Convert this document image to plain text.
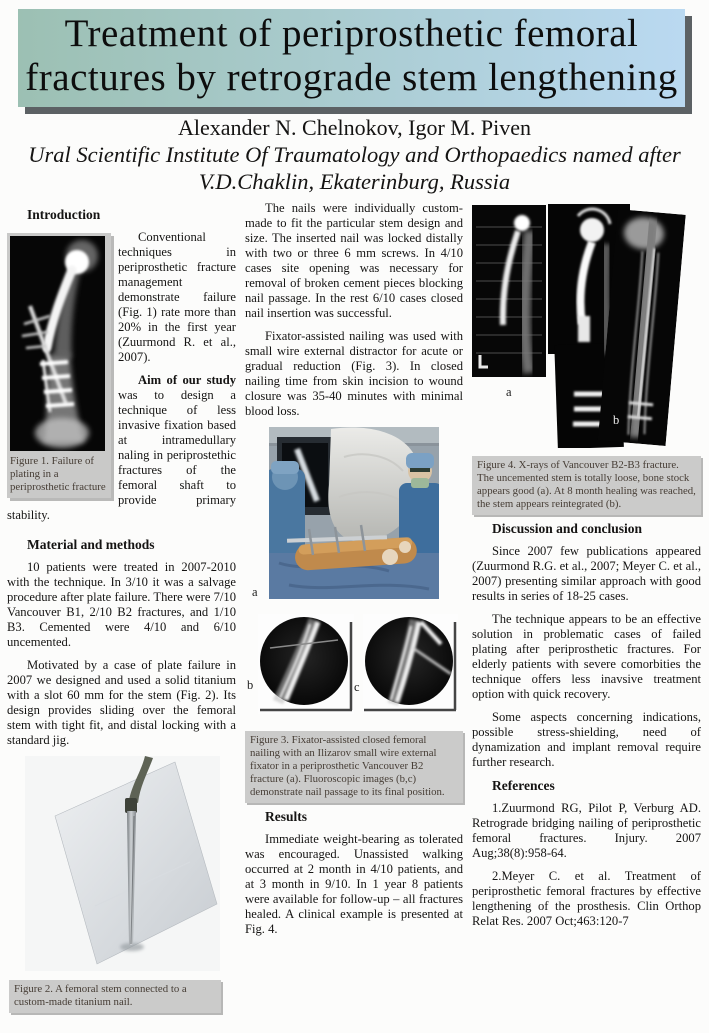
Treatment of periprosthetic femoral
fractures by retrograde stem lengthening
Alexander N. Chelnokov, Igor M. Piven
Ural Scientific Institute Of Traumatology and Orthopaedics named after
V.D.Chaklin, Ekaterinburg, Russia
Introduction
Figure 1. Failure of plating in a periprosthetic fracture

Conventional techniques in periprosthetic fracture management demonstrate failure (Fig. 1) rate more than 20% in the first year (Zuurmond R. et al., 2007).

Aim of our study was to design a technique of less invasive fixation based at intramedullary naling in periprostethic fractures of the femoral shaft to provide primary stability.

Material and methods

10 patients were treated in 2007-2010 with the technique. In 3/10 it was a salvage procedure after plate failure. There were 7/10 Vancouver B1, 2/10 B2 fractures, and 1/10 B3. Cemented were 4/10 and 6/10 uncemented.

Motivated by a case of plate failure in 2007 we designed and used a solid titanium with a slot 60 mm for the stem (Fig. 2). Its design provides sliding over the femoral stem with tight fit, and distal locking with a standard jig.

Figure 2. A femoral stem connected to a custom-made titanium nail.

The nails were individually custom-made to fit the particular stem design and size. The inserted nail was locked distally with two or three 6 mm screws. In 4/10 cases site opening was necessary for removal of broken cement pieces blocking nail passage. In the rest 6/10 cases closed nail insertion was successful.

Fixator-assisted nailing was used with small wire external distractor for acute or gradual reduction (Fig. 3). In closed nailing time from skin incision to wound closure was 35-40 minutes with minimal blood loss.

a
b	c
Figure 3. Fixator-assisted closed femoral nailing with an Ilizarov small wire external fixator in a periprosthetic Vancouver B2 fracture (a). Fluoroscopic images (b,c) demonstrate nail passage to its final position.
Results

Immediate weight-bearing as tolerated was encouraged. Unassisted walking occurred at 2 month in 4/10 patients, and at 3 month in 9/10. In 1 year 8 patients were available for follow-up – all fractures healed. A clinical example is presented at Fig. 4.

a
b
Figure 4. X-rays of Vancouver B2-B3 fracture. The uncemented stem is totally loose, bone stock appears good (a). At 8 month healing was reached, the stem appears reintegrated (b).
Discussion and conclusion

Since 2007 few publications appeared (Zuurmond R.G. et al., 2007; Meyer C. et al., 2007) presenting similar approach with good results in series of 18-25 cases.

The technique appears to be an effective solution in problematic cases of failed plating after periprosthetic fractures. For elderly patients with severe comorbities the technique offers less inavsive treatment option with quick recovery.

Some aspects concerning indications, possible stress-shielding, need of dynamization and implant removal require further research.

References

1.Zuurmond RG, Pilot P, Verburg AD. Retrograde bridging nailing of periprosthetic femoral fractures. Injury. 2007 Aug;38(8):958-64.

2.Meyer C. et al. Treatment of periprosthetic femoral fractures by effective lengthening of the prosthesis. Clin Orthop Relat Res. 2007 Oct;463:120-7
